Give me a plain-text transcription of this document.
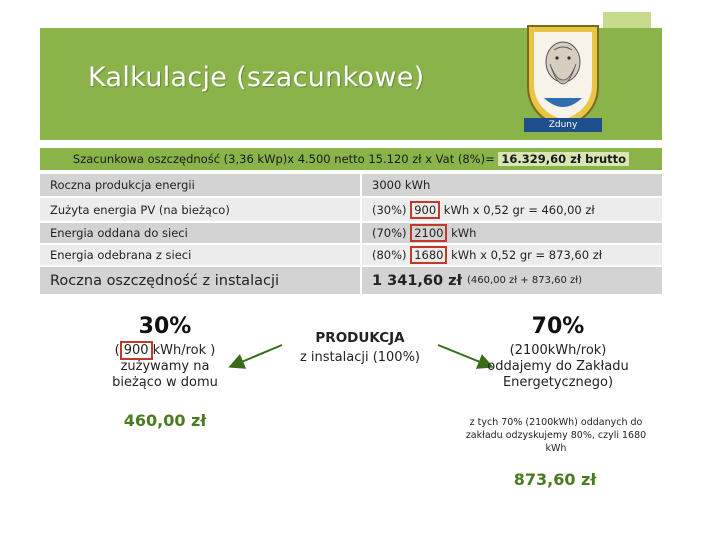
Kalkulacje (szacunkowe)
Zduny
Szacunkowa oszczędność (3,36 kWp)x 4.500 netto 15.120 zł x Vat (8%)= 16.329,60 zł brutto
Roczna produkcja energii	3000 kWh
Zużyta energia PV (na bieżąco)	(30%) 900 kWh x 0,52 gr = 460,00 zł
Energia oddana do sieci	(70%) 2100 kWh
Energia odebrana z sieci	(80%) 1680 kWh x 0,52 gr = 873,60 zł
Roczna oszczędność z instalacji	1 341,60 zł (460,00 zł + 873,60 zł)
30%
( 900 kWh/rok )
zużywamy na
bieżąco w domu
460,00 zł
PRODUKCJA
z instalacji (100%)
70%
(2100kWh/rok)
oddajemy do Zakładu
Energetycznego)
z tych 70% (2100kWh) oddanych do
zakładu odzyskujemy 80%, czyli 1680
kWh
873,60 zł
